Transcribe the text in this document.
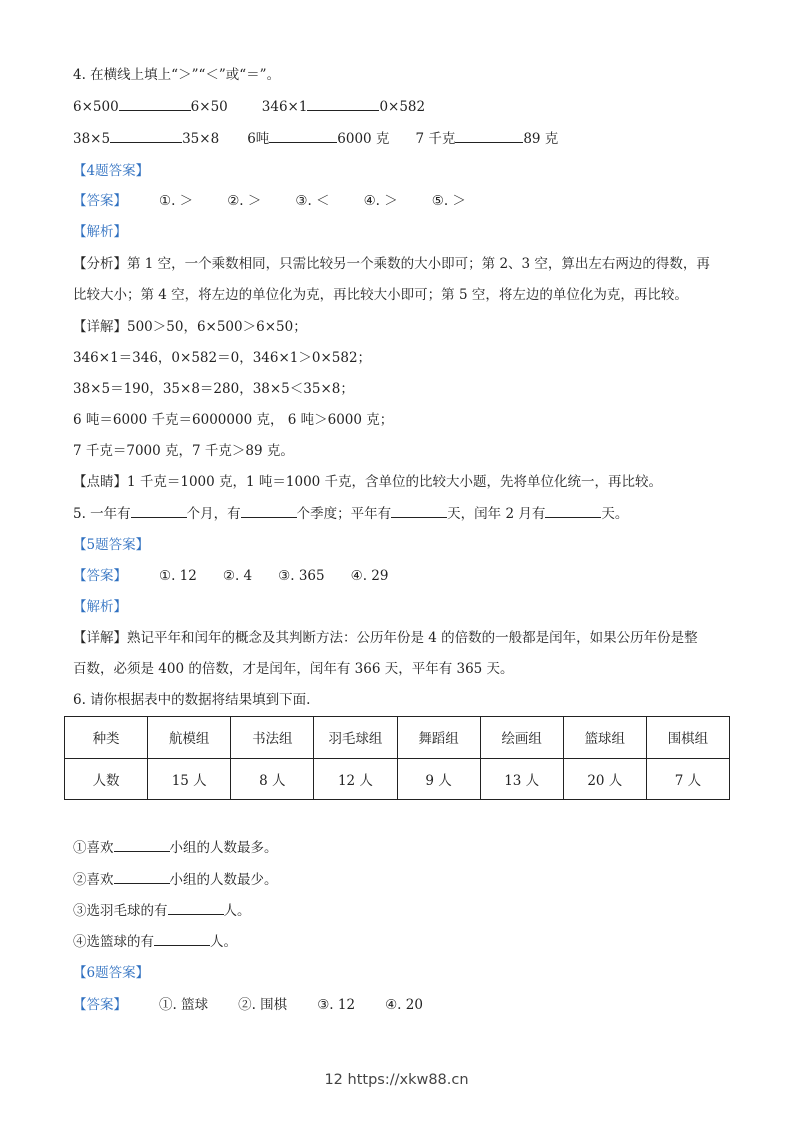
4. 在横线上填上“＞”“＜”或“＝”。
6×500	6×50	346×1	0×582
38×5	35×8 6吨	6000 克 7 千克	89 克
【4题答案】
【答案】 ①. ＞	②. ＞	③. ＜	④. ＞	⑤. ＞
【解析】
【分析】第 1 空，一个乘数相同，只需比较另一个乘数的大小即可；第 2、3 空，算出左右两边的得数，再
比较大小；第 4 空，将左边的单位化为克，再比较大小即可；第 5 空，将左边的单位化为克，再比较。
【详解】500＞50，6×500＞6×50；
346×1＝346，0×582＝0，346×1＞0×582；
38×5＝190，35×8＝280，38×5＜35×8；
6 吨＝6000 千克＝6000000 克， 6 吨＞6000 克；
7 千克＝7000 克，7 千克＞89 克。
【点睛】1 千克＝1000 克，1 吨＝1000 千克，含单位的比较大小题，先将单位化统一，再比较。
5. 一年有	个月，有	个季度；平年有	天，闰年 2 月有	天。
【5题答案】
【答案】 ①. 12 ②. 4 ③. 365 ④. 29
【解析】
【详解】熟记平年和闰年的概念及其判断方法：公历年份是 4 的倍数的一般都是闰年，如果公历年份是整
百数，必须是 400 的倍数，才是闰年，闰年有 366 天，平年有 365 天。
6. 请你根据表中的数据将结果填到下面.
种类	航模组	书法组	羽毛球组	舞蹈组	绘画组	篮球组	围棋组
人数	15 人	8 人	12 人	9 人	13 人	20 人	7 人
①喜欢	小组的人数最多。
②喜欢	小组的人数最少。
③选羽毛球的有	人。
④选篮球的有	人。
【6题答案】
【答案】 ①. 篮球 ②. 围棋 ③. 12 ④. 20
12 https://xkw88.cn
